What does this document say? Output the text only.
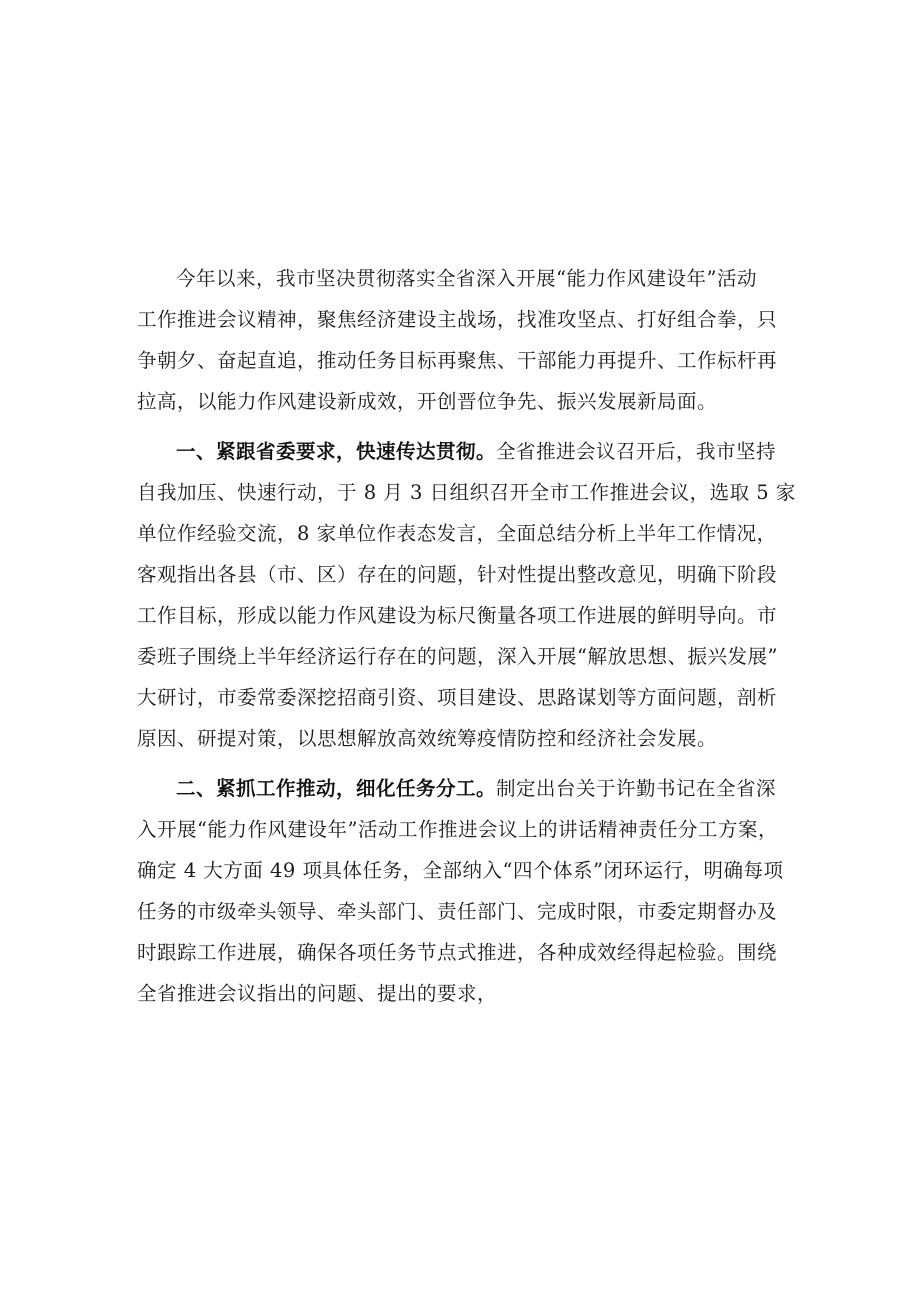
今年以来，我市坚决贯彻落实全省深入开展“能力作风建设年”活动
工作推进会议精神，聚焦经济建设主战场，找准攻坚点、打好组合拳，只
争朝夕、奋起直追，推动任务目标再聚焦、干部能力再提升、工作标杆再
拉高，以能力作风建设新成效，开创晋位争先、振兴发展新局面。

一、紧跟省委要求，快速传达贯彻。全省推进会议召开后，我市坚持
自我加压、快速行动，于 8 月 3 日组织召开全市工作推进会议，选取 5 家
单位作经验交流，8 家单位作表态发言，全面总结分析上半年工作情况，
客观指出各县（市、区）存在的问题，针对性提出整改意见，明确下阶段
工作目标，形成以能力作风建设为标尺衡量各项工作进展的鲜明导向。市
委班子围绕上半年经济运行存在的问题，深入开展“解放思想、振兴发展”
大研讨，市委常委深挖招商引资、项目建设、思路谋划等方面问题，剖析
原因、研提对策，以思想解放高效统筹疫情防控和经济社会发展。

二、紧抓工作推动，细化任务分工。制定出台关于许勤书记在全省深
入开展“能力作风建设年”活动工作推进会议上的讲话精神责任分工方案，
确定 4 大方面 49 项具体任务，全部纳入“四个体系”闭环运行，明确每项
任务的市级牵头领导、牵头部门、责任部门、完成时限，市委定期督办及
时跟踪工作进展，确保各项任务节点式推进，各种成效经得起检验。围绕
全省推进会议指出的问题、提出的要求，
